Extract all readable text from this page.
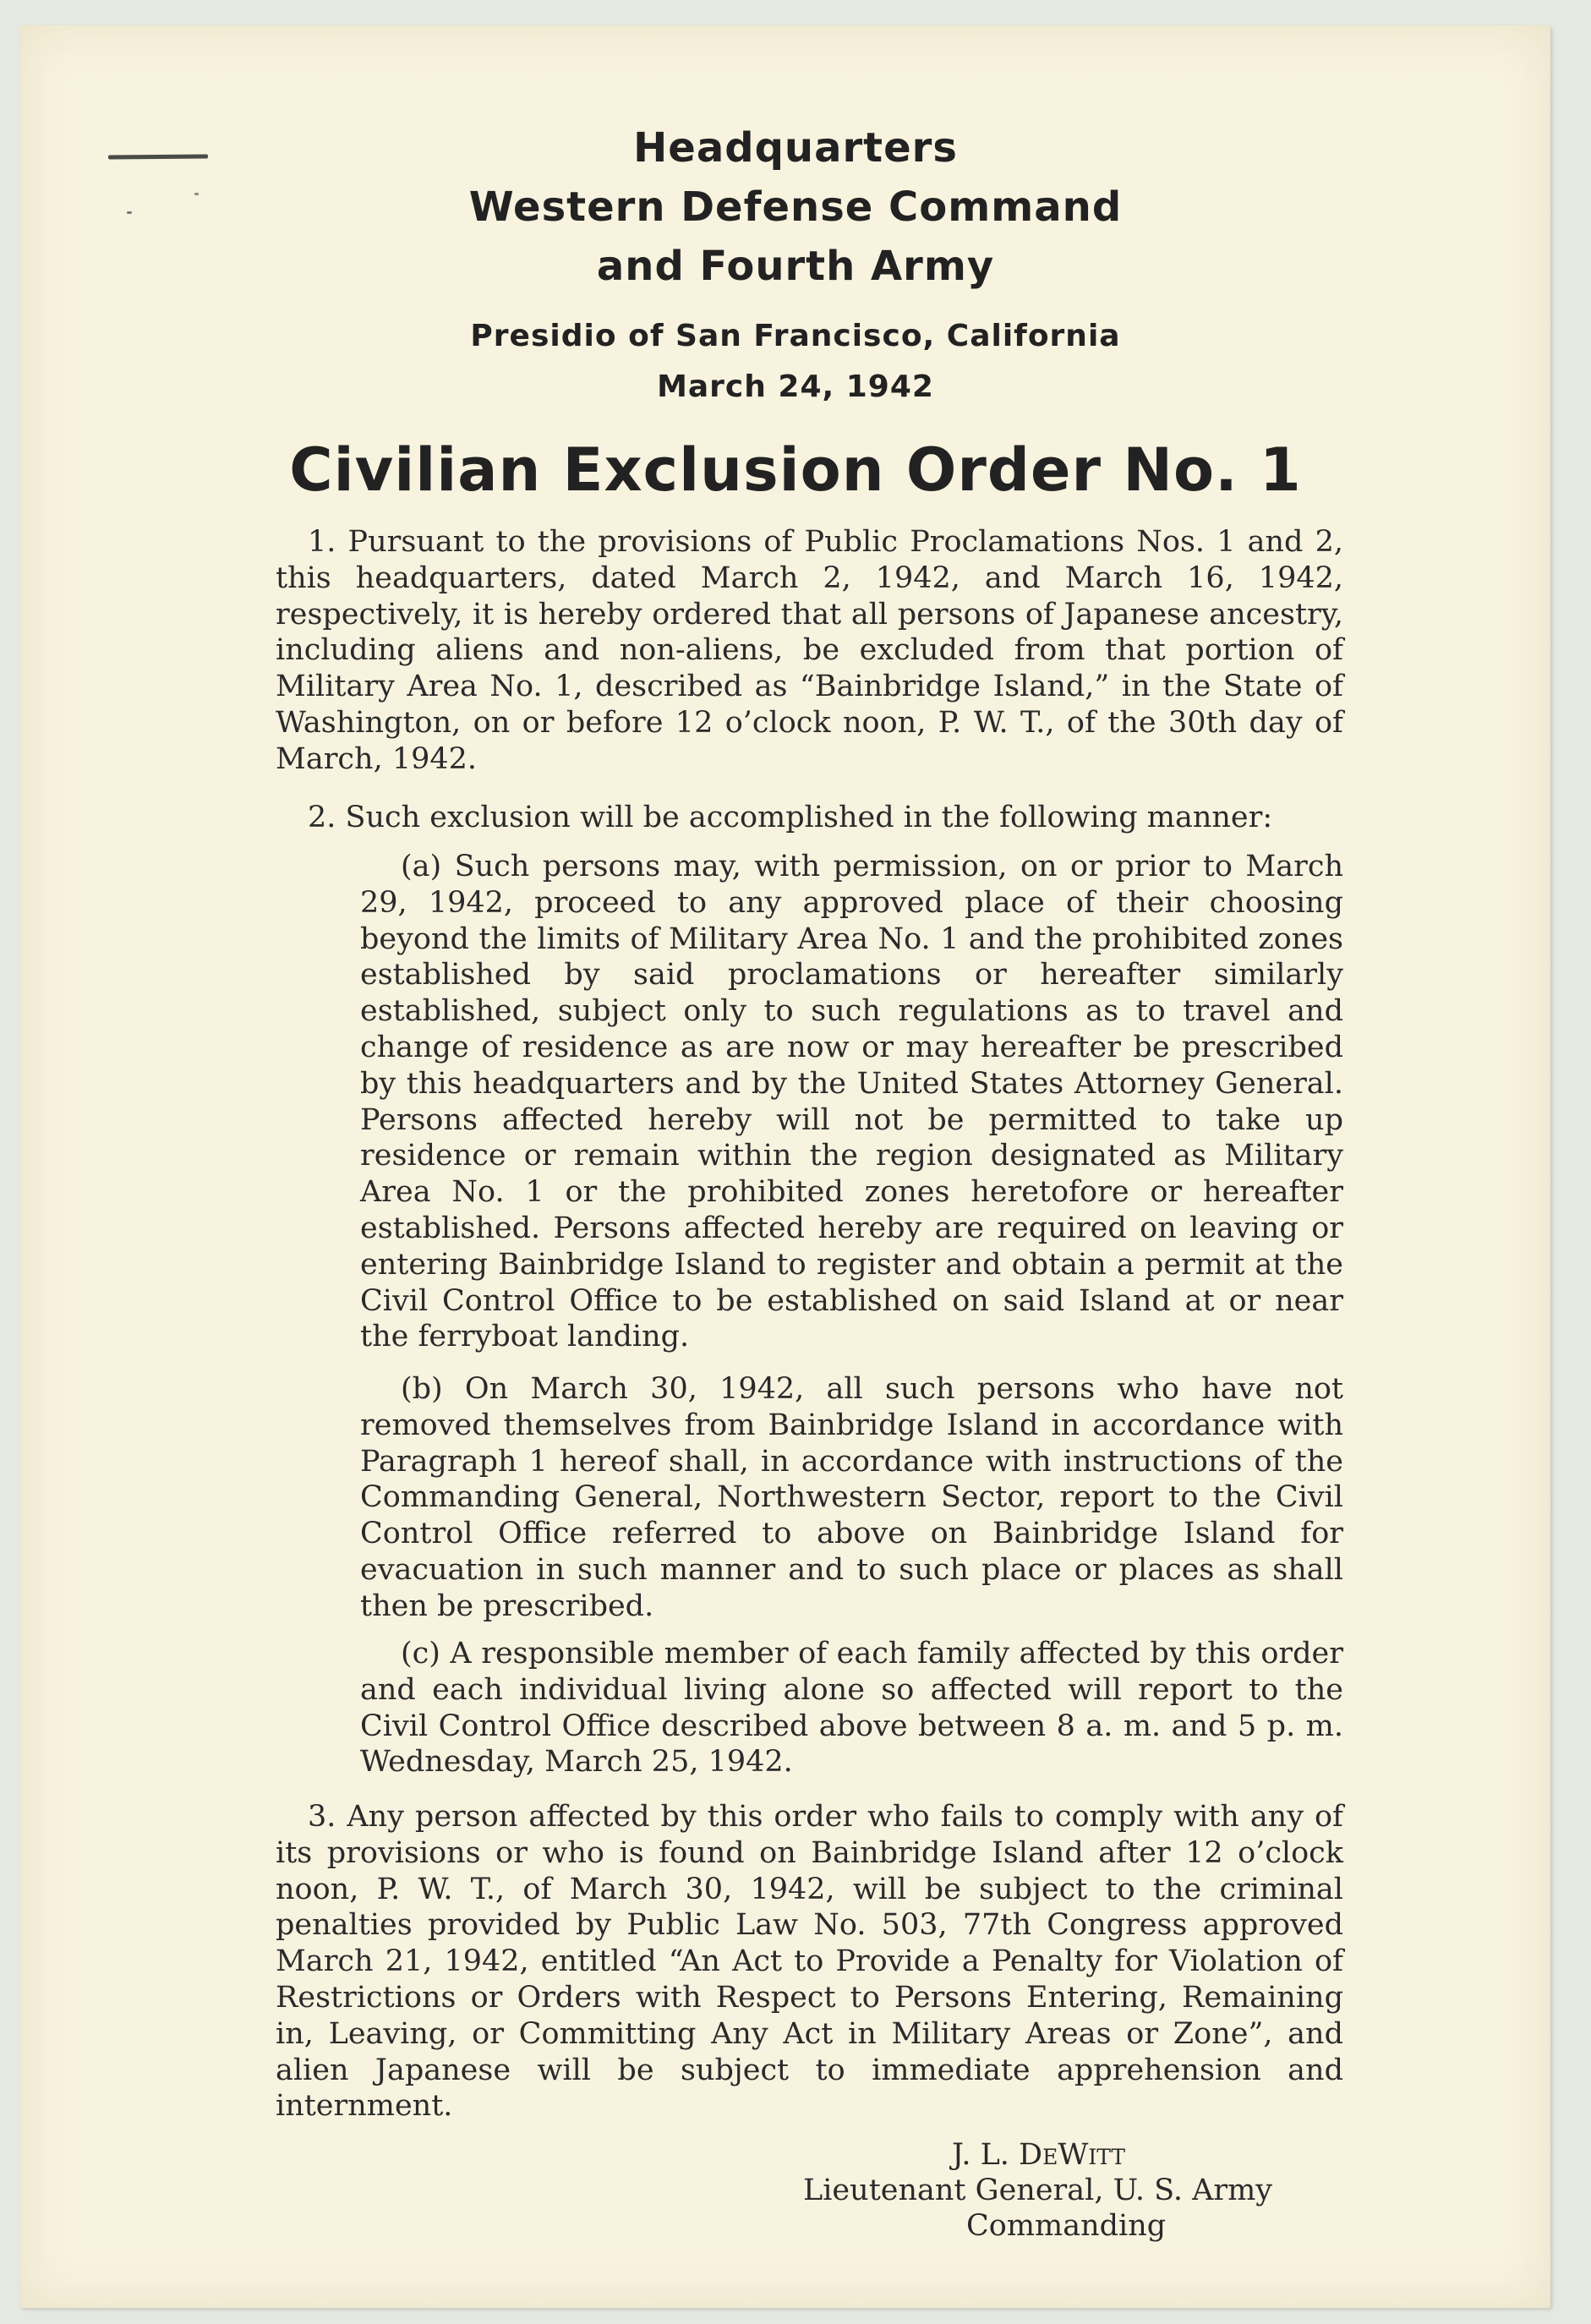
Headquarters
Western Defense Command
and Fourth Army
Presidio of San Francisco, California
March 24, 1942
Civilian Exclusion Order No. 1
1. Pursuant to the provisions of Public Proclamations Nos. 1 and 2, this headquarters, dated March 2, 1942, and March 16, 1942, respectively, it is hereby ordered that all persons of Japanese ancestry, including aliens and non-aliens, be excluded from that portion of Military Area No. 1, described as “Bainbridge Island,” in the State of Washington, on or before 12 o’clock noon, P. W. T., of the 30th day of March, 1942.
2. Such exclusion will be accomplished in the following manner:
(a) Such persons may, with permission, on or prior to March 29, 1942, proceed to any approved place of their choosing beyond the limits of Military Area No. 1 and the prohibited zones established by said proclamations or hereafter similarly established, subject only to such regulations as to travel and change of residence as are now or may hereafter be prescribed by this headquarters and by the United States Attorney General. Persons affected hereby will not be permitted to take up residence or remain within the region designated as Military Area No. 1 or the prohibited zones heretofore or hereafter established. Persons affected hereby are required on leaving or entering Bainbridge Island to register and obtain a permit at the Civil Control Office to be established on said Island at or near the ferryboat landing.
(b) On March 30, 1942, all such persons who have not removed themselves from Bainbridge Island in accordance with Paragraph 1 hereof shall, in accordance with instructions of the Commanding General, Northwestern Sector, report to the Civil Control Office referred to above on Bainbridge Island for evacuation in such manner and to such place or places as shall then be prescribed.
(c) A responsible member of each family affected by this order and each individual living alone so affected will report to the Civil Control Office described above between 8 a. m. and 5 p. m. Wednesday, March 25, 1942.
3. Any person affected by this order who fails to comply with any of its provisions or who is found on Bainbridge Island after 12 o’clock noon, P. W. T., of March 30, 1942, will be subject to the criminal penalties provided by Public Law No. 503, 77th Congress approved March 21, 1942, entitled “An Act to Provide a Penalty for Violation of Restrictions or Orders with Respect to Persons Entering, Remaining in, Leaving, or Committing Any Act in Military Areas or Zone”, and alien Japanese will be subject to immediate apprehension and internment.
J. L. DeWitt
Lieutenant General, U. S. Army
Commanding
